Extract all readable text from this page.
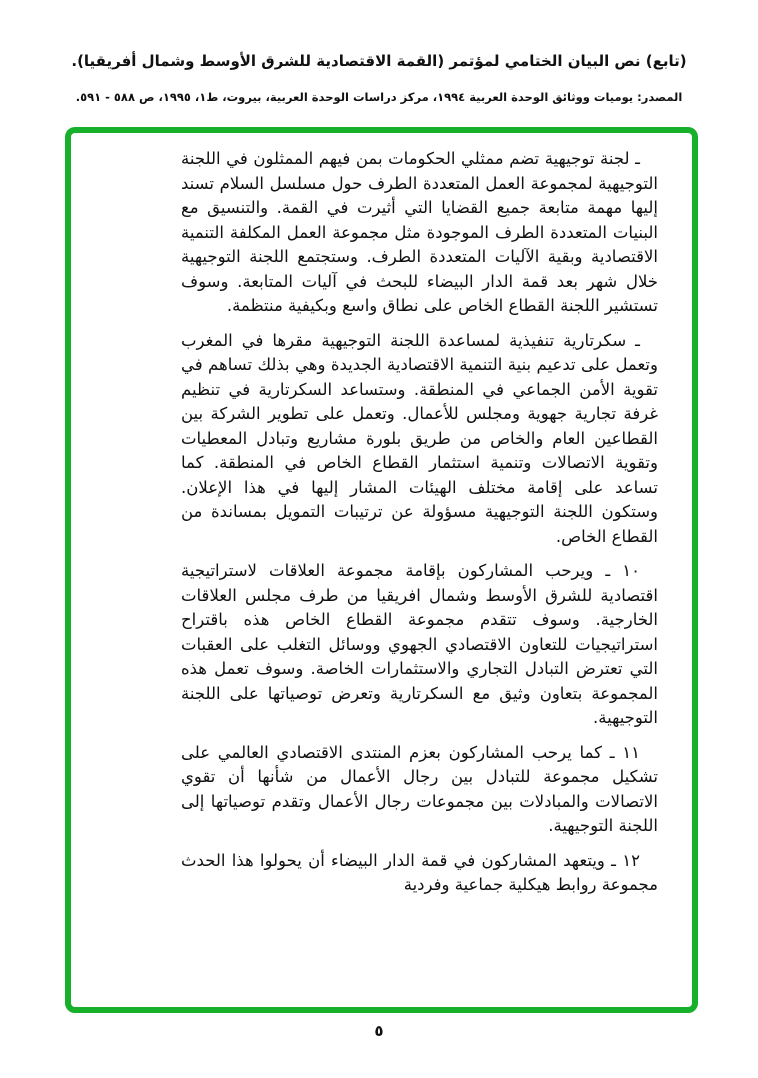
(تابع) نص البيان الختامي لمؤتمر (القمة الاقتصادية للشرق الأوسط وشمال أفريقيا).
المصدر: يوميات ووثائق الوحدة العربية ١٩٩٤، مركز دراسات الوحدة العربية، بيروت، ط١، ١٩٩٥، ص ٥٨٨ - ٥٩١.

ـ لجنة توجيهية تضم ممثلي الحكومات بمن فيهم الممثلون في اللجنة التوجيهية لمجموعة العمل المتعددة الطرف حول مسلسل السلام تسند إليها مهمة متابعة جميع القضايا التي أثيرت في القمة. والتنسيق مع البنيات المتعددة الطرف الموجودة مثل مجموعة العمل المكلفة التنمية الاقتصادية وبقية الآليات المتعددة الطرف. وستجتمع اللجنة التوجيهية خلال شهر بعد قمة الدار البيضاء للبحث في آليات المتابعة. وسوف تستشير اللجنة القطاع الخاص على نطاق واسع وبكيفية منتظمة.

ـ سكرتارية تنفيذية لمساعدة اللجنة التوجيهية مقرها في المغرب وتعمل على تدعيم بنية التنمية الاقتصادية الجديدة وهي بذلك تساهم في تقوية الأمن الجماعي في المنطقة. وستساعد السكرتارية في تنظيم غرفة تجارية جهوية ومجلس للأعمال. وتعمل على تطوير الشركة بين القطاعين العام والخاص من طريق بلورة مشاريع وتبادل المعطيات وتقوية الاتصالات وتنمية استثمار القطاع الخاص في المنطقة. كما تساعد على إقامة مختلف الهيئات المشار إليها في هذا الإعلان. وستكون اللجنة التوجيهية مسؤولة عن ترتيبات التمويل بمساندة من القطاع الخاص.

١٠ ـ ويرحب المشاركون بإقامة مجموعة العلاقات لاستراتيجية اقتصادية للشرق الأوسط وشمال افريقيا من طرف مجلس العلاقات الخارجية. وسوف تتقدم مجموعة القطاع الخاص هذه باقتراح استراتيجيات للتعاون الاقتصادي الجهوي ووسائل التغلب على العقبات التي تعترض التبادل التجاري والاستثمارات الخاصة. وسوف تعمل هذه المجموعة بتعاون وثيق مع السكرتارية وتعرض توصياتها على اللجنة التوجيهية.

١١ ـ كما يرحب المشاركون بعزم المنتدى الاقتصادي العالمي على تشكيل مجموعة للتبادل بين رجال الأعمال من شأنها أن تقوي الاتصالات والمبادلات بين مجموعات رجال الأعمال وتقدم توصياتها إلى اللجنة التوجيهية.

١٢ ـ ويتعهد المشاركون في قمة الدار البيضاء أن يحولوا هذا الحدث مجموعة روابط هيكلية جماعية وفردية

٥
